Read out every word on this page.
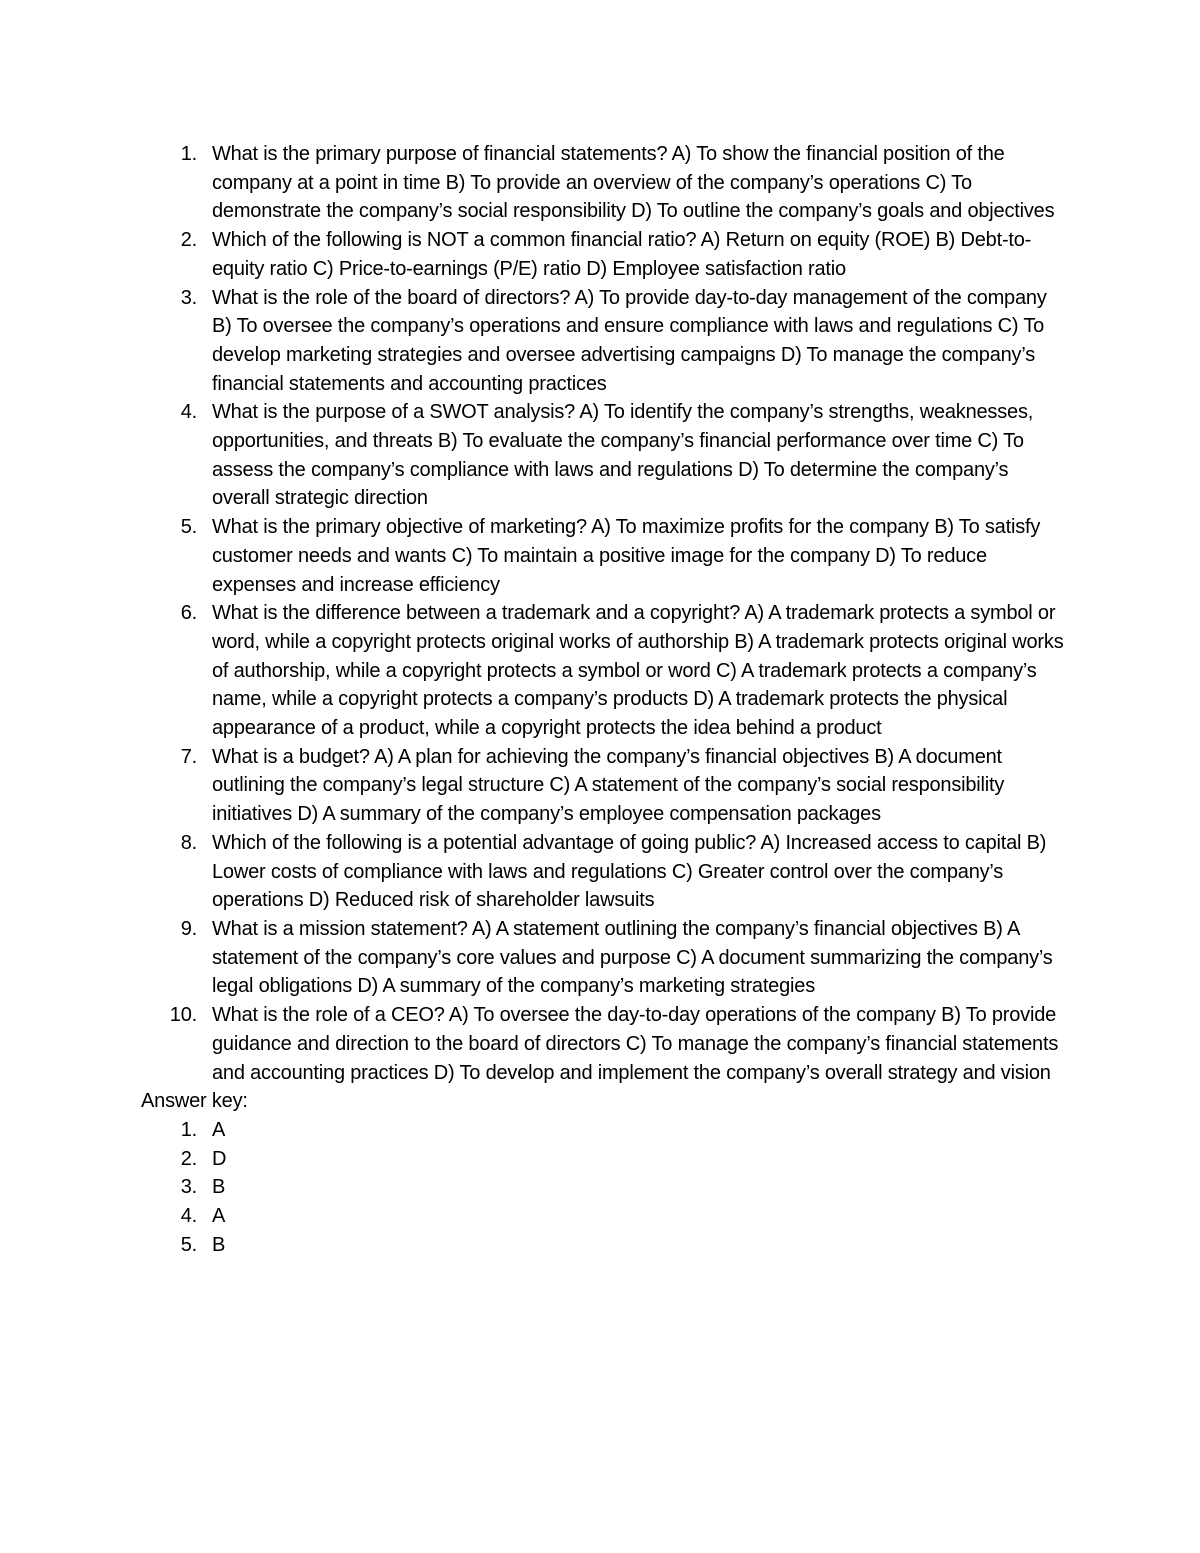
1. What is the primary purpose of financial statements? A) To show the financial position of the company at a point in time B) To provide an overview of the company’s operations C) To demonstrate the company’s social responsibility D) To outline the company’s goals and objectives
2. Which of the following is NOT a common financial ratio? A) Return on equity (ROE) B) Debt-to-equity ratio C) Price-to-earnings (P/E) ratio D) Employee satisfaction ratio
3. What is the role of the board of directors? A) To provide day-to-day management of the company B) To oversee the company’s operations and ensure compliance with laws and regulations C) To develop marketing strategies and oversee advertising campaigns D) To manage the company’s financial statements and accounting practices
4. What is the purpose of a SWOT analysis? A) To identify the company’s strengths, weaknesses, opportunities, and threats B) To evaluate the company’s financial performance over time C) To assess the company’s compliance with laws and regulations D) To determine the company’s overall strategic direction
5. What is the primary objective of marketing? A) To maximize profits for the company B) To satisfy customer needs and wants C) To maintain a positive image for the company D) To reduce expenses and increase efficiency
6. What is the difference between a trademark and a copyright? A) A trademark protects a symbol or word, while a copyright protects original works of authorship B) A trademark protects original works of authorship, while a copyright protects a symbol or word C) A trademark protects a company’s name, while a copyright protects a company’s products D) A trademark protects the physical appearance of a product, while a copyright protects the idea behind a product
7. What is a budget? A) A plan for achieving the company’s financial objectives B) A document outlining the company’s legal structure C) A statement of the company’s social responsibility initiatives D) A summary of the company’s employee compensation packages
8. Which of the following is a potential advantage of going public? A) Increased access to capital B) Lower costs of compliance with laws and regulations C) Greater control over the company’s operations D) Reduced risk of shareholder lawsuits
9. What is a mission statement? A) A statement outlining the company’s financial objectives B) A statement of the company’s core values and purpose C) A document summarizing the company’s legal obligations D) A summary of the company’s marketing strategies
10. What is the role of a CEO? A) To oversee the day-to-day operations of the company B) To provide guidance and direction to the board of directors C) To manage the company’s financial statements and accounting practices D) To develop and implement the company’s overall strategy and vision
Answer key:
1. A
2. D
3. B
4. A
5. B
